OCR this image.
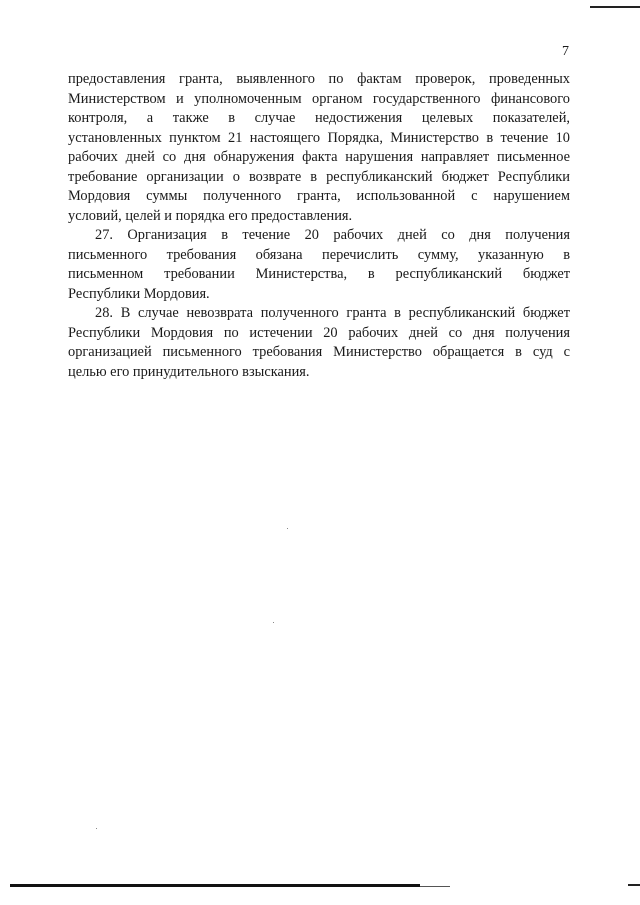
7
предоставления гранта, выявленного по фактам проверок, проведенных
Министерством и уполномоченным органом государственного финансового
контроля, а также в случае недостижения целевых показателей,
установленных пунктом 21 настоящего Порядка, Министерство в течение 10
рабочих дней со дня обнаружения факта нарушения направляет письменное
требование организации о возврате в республиканский бюджет Республики
Мордовия суммы полученного гранта, использованной с нарушением
условий, целей и порядка его предоставления.
27. Организация в течение 20 рабочих дней со дня получения
письменного требования обязана перечислить сумму, указанную в
письменном требовании Министерства, в республиканский бюджет
Республики Мордовия.
28. В случае невозврата полученного гранта в республиканский бюджет
Республики Мордовия по истечении 20 рабочих дней со дня получения
организацией письменного требования Министерство обращается в суд с
целью его принудительного взыскания.
